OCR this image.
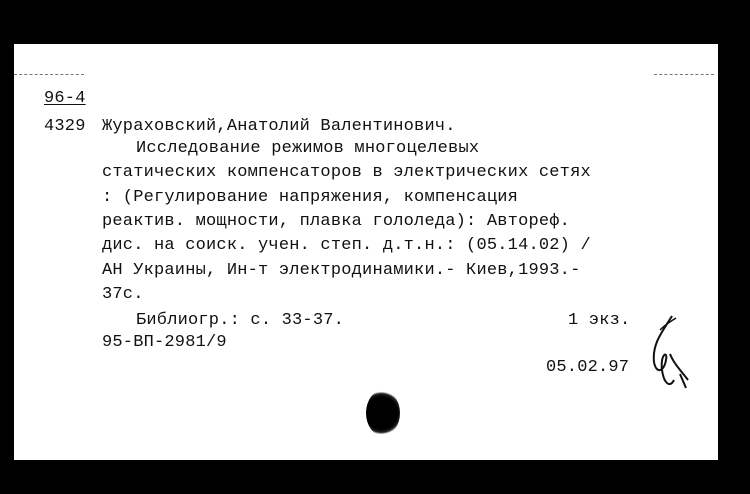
96-4
4329 Жураховский,Анатолий Валентинович.
Исследование режимов многоцелевых
статических компенсаторов в электрических сетях
: (Регулирование напряжения, компенсация
реактив. мощности, плавка гололеда): Автореф.
дис. на соиск. учен. степ. д.т.н.: (05.14.02) /
АН Украины, Ин-т электродинамики.- Киев,1993.-
37с.
Библиогр.: с. 33-37.	1 экз.
95-ВП-2981/9
05.02.97
